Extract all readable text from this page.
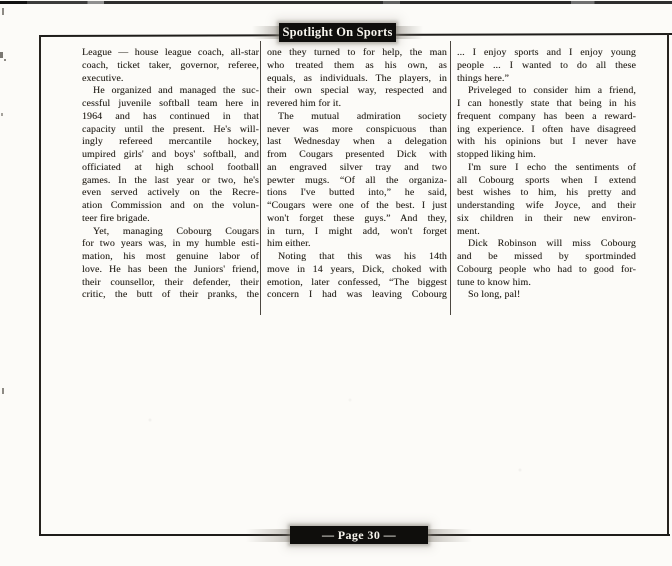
Spotlight On Sports
League — house league coach, all-star
coach, ticket taker, governor, referee,
executive.
He organized and managed the suc-
cessful juvenile softball team here in
1964 and has continued in that
capacity until the present. He's will-
ingly refereed mercantile hockey,
umpired girls' and boys' softball, and
officiated at high school football
games. In the last year or two, he's
even served actively on the Recre-
ation Commission and on the volun-
teer fire brigade.
Yet, managing Cobourg Cougars
for two years was, in my humble esti-
mation, his most genuine labor of
love. He has been the Juniors' friend,
their counsellor, their defender, their
critic, the butt of their pranks, the
one they turned to for help, the man
who treated them as his own, as
equals, as individuals. The players, in
their own special way, respected and
revered him for it.
The mutual admiration society
never was more conspicuous than
last Wednesday when a delegation
from Cougars presented Dick with
an engraved silver tray and two
pewter mugs. “Of all the organiza-
tions I've butted into,” he said,
“Cougars were one of the best. I just
won't forget these guys.” And they,
in turn, I might add, won't forget
him either.
Noting that this was his 14th
move in 14 years, Dick, choked with
emotion, later confessed, “The biggest
concern I had was leaving Cobourg
... I enjoy sports and I enjoy young
people ... I wanted to do all these
things here.”
Priveleged to consider him a friend,
I can honestly state that being in his
frequent company has been a reward-
ing experience. I often have disagreed
with his opinions but I never have
stopped liking him.
I'm sure I echo the sentiments of
all Cobourg sports when I extend
best wishes to him, his pretty and
understanding wife Joyce, and their
six children in their new environ-
ment.
Dick Robinson will miss Cobourg
and be missed by sportminded
Cobourg people who had to good for-
tune to know him.
So long, pal!
— Page 30 —
